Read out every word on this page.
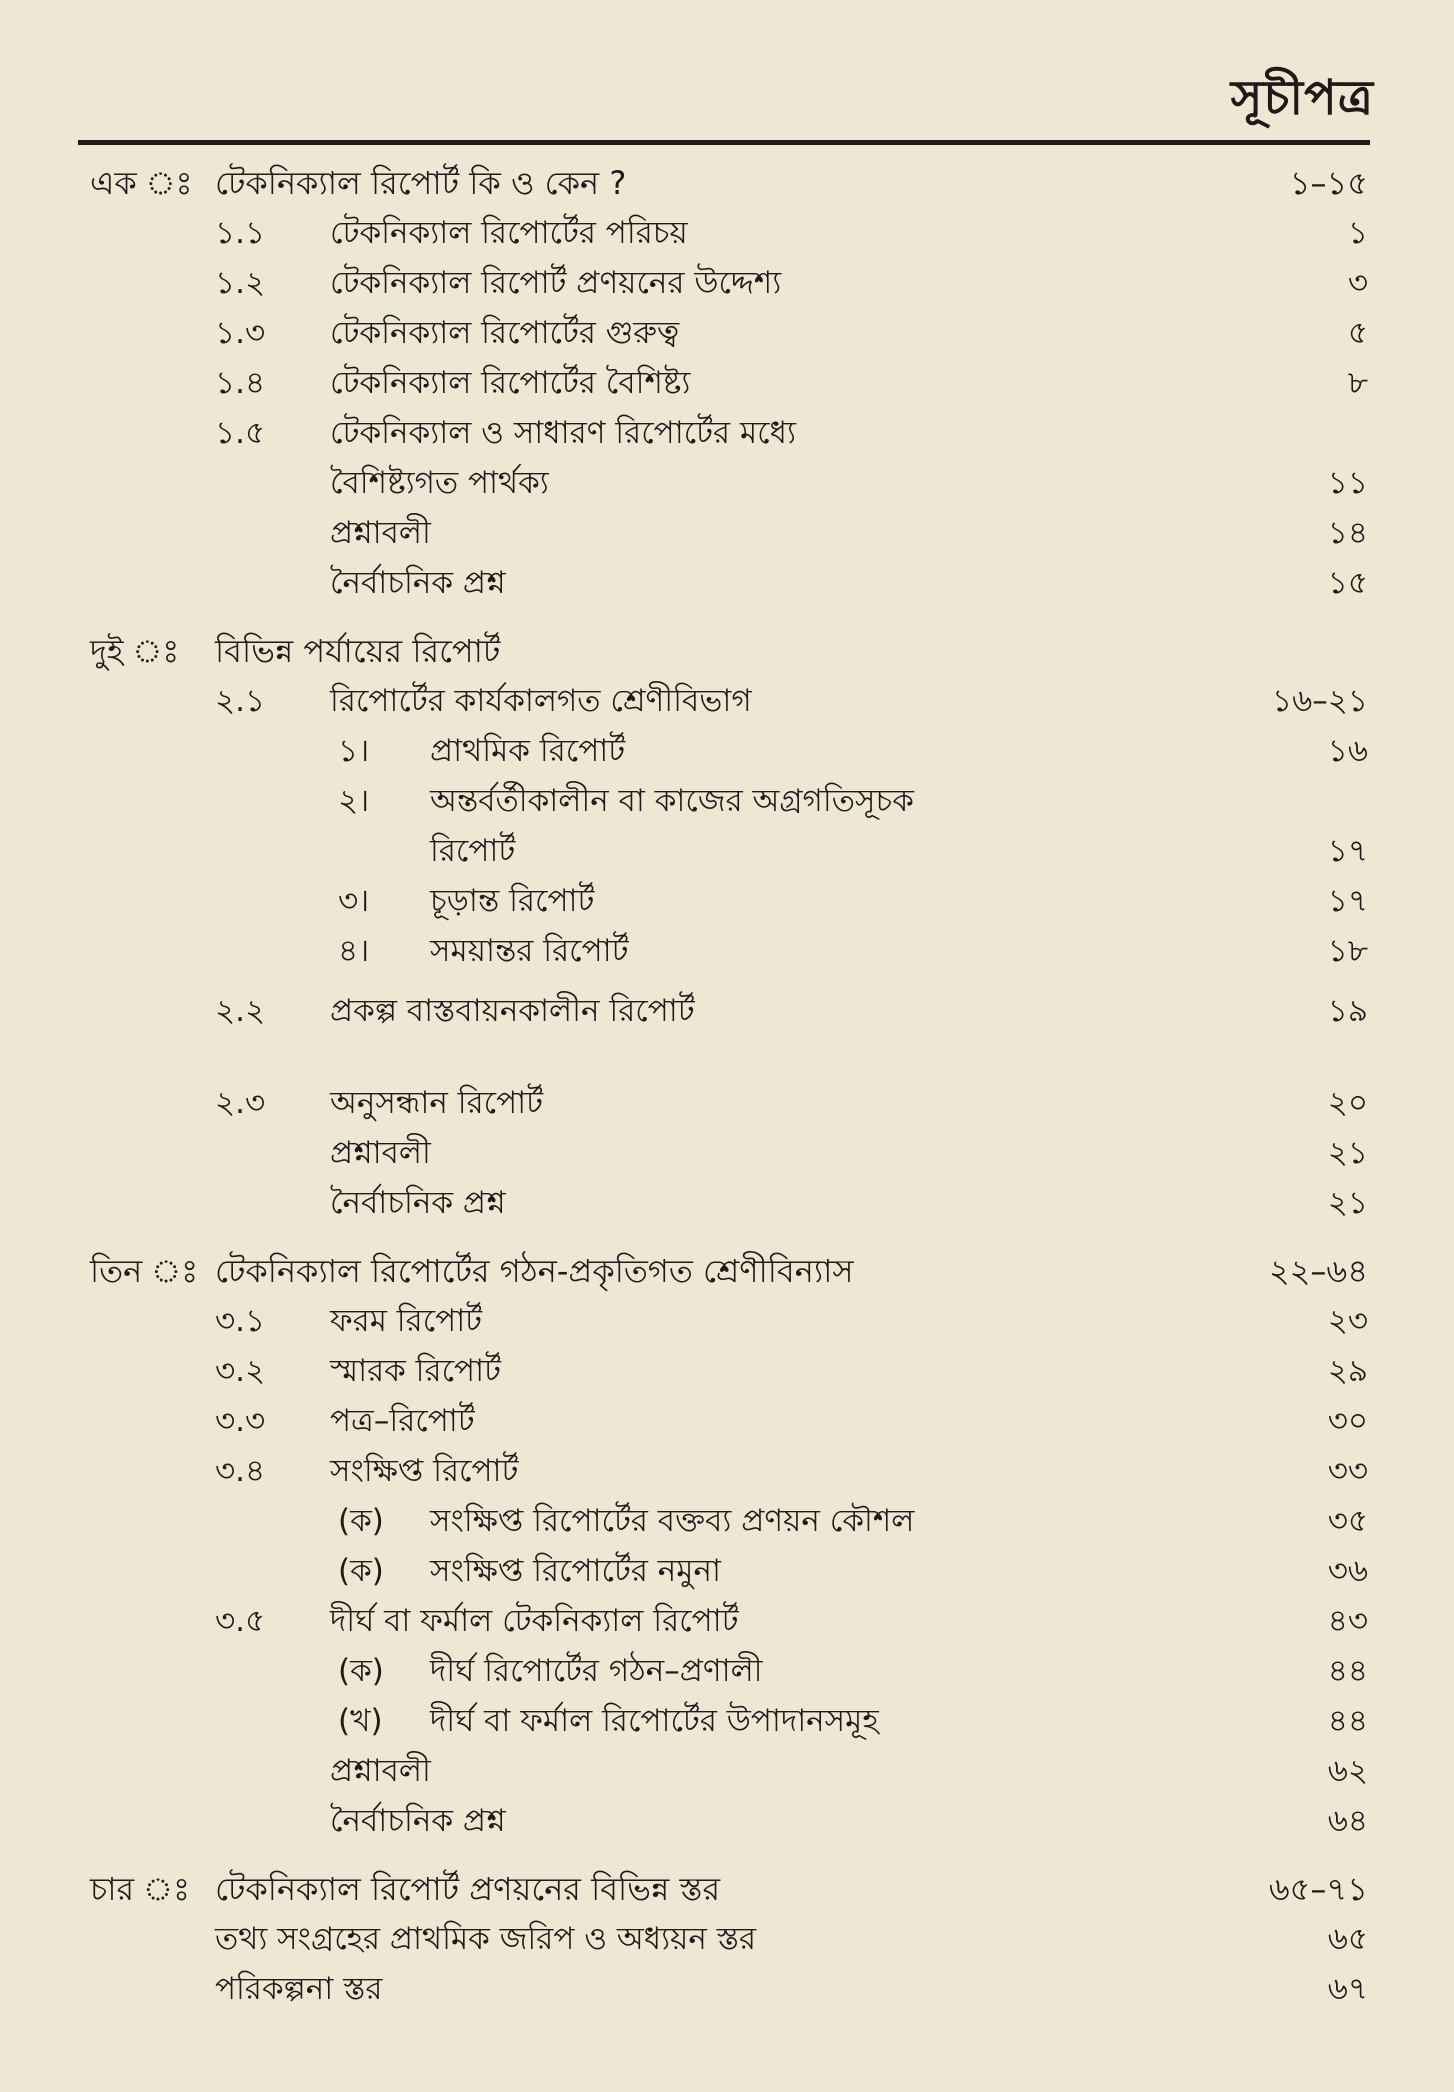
সূচীপত্র
এক ঃ টেকনিক্যাল রিপোর্ট কি ও কেন ?	১–১৫
১.১ টেকনিক্যাল রিপোর্টের পরিচয়	১
১.২ টেকনিক্যাল রিপোর্ট প্রণয়নের উদ্দেশ্য	৩
১.৩ টেকনিক্যাল রিপোর্টের গুরুত্ব	৫
১.৪ টেকনিক্যাল রিপোর্টের বৈশিষ্ট্য	৮
১.৫ টেকনিক্যাল ও সাধারণ রিপোর্টের মধ্যে
বৈশিষ্ট্যগত পার্থক্য	১১
প্রশ্নাবলী	১৪
নৈর্বাচনিক প্রশ্ন	১৫
দুই ঃ বিভিন্ন পর্যায়ের রিপোর্ট
২.১ রিপোর্টের কার্যকালগত শ্রেণীবিভাগ	১৬–২১
১। প্রাথমিক রিপোর্ট	১৬
২। অন্তর্বর্তীকালীন বা কাজের অগ্রগতিসূচক
রিপোর্ট	১৭
৩। চূড়ান্ত রিপোর্ট	১৭
৪। সময়ান্তর রিপোর্ট	১৮
২.২ প্রকল্প বাস্তবায়নকালীন রিপোর্ট	১৯
২.৩ অনুসন্ধান রিপোর্ট	২০
প্রশ্নাবলী	২১
নৈর্বাচনিক প্রশ্ন	২১
তিন ঃ টেকনিক্যাল রিপোর্টের গঠন-প্রকৃতিগত শ্রেণীবিন্যাস	২২–৬৪
৩.১ ফরম রিপোর্ট	২৩
৩.২ স্মারক রিপোর্ট	২৯
৩.৩ পত্র–রিপোর্ট	৩০
৩.৪ সংক্ষিপ্ত রিপোর্ট	৩৩
(ক) সংক্ষিপ্ত রিপোর্টের বক্তব্য প্রণয়ন কৌশল	৩৫
(ক) সংক্ষিপ্ত রিপোর্টের নমুনা	৩৬
৩.৫ দীর্ঘ বা ফর্মাল টেকনিক্যাল রিপোর্ট	৪৩
(ক) দীর্ঘ রিপোর্টের গঠন–প্রণালী	৪৪
(খ) দীর্ঘ বা ফর্মাল রিপোর্টের উপাদানসমূহ	৪৪
প্রশ্নাবলী	৬২
নৈর্বাচনিক প্রশ্ন	৬৪
চার ঃ টেকনিক্যাল রিপোর্ট প্রণয়নের বিভিন্ন স্তর	৬৫–৭১
তথ্য সংগ্রহের প্রাথমিক জরিপ ও অধ্যয়ন স্তর	৬৫
পরিকল্পনা স্তর	৬৭
